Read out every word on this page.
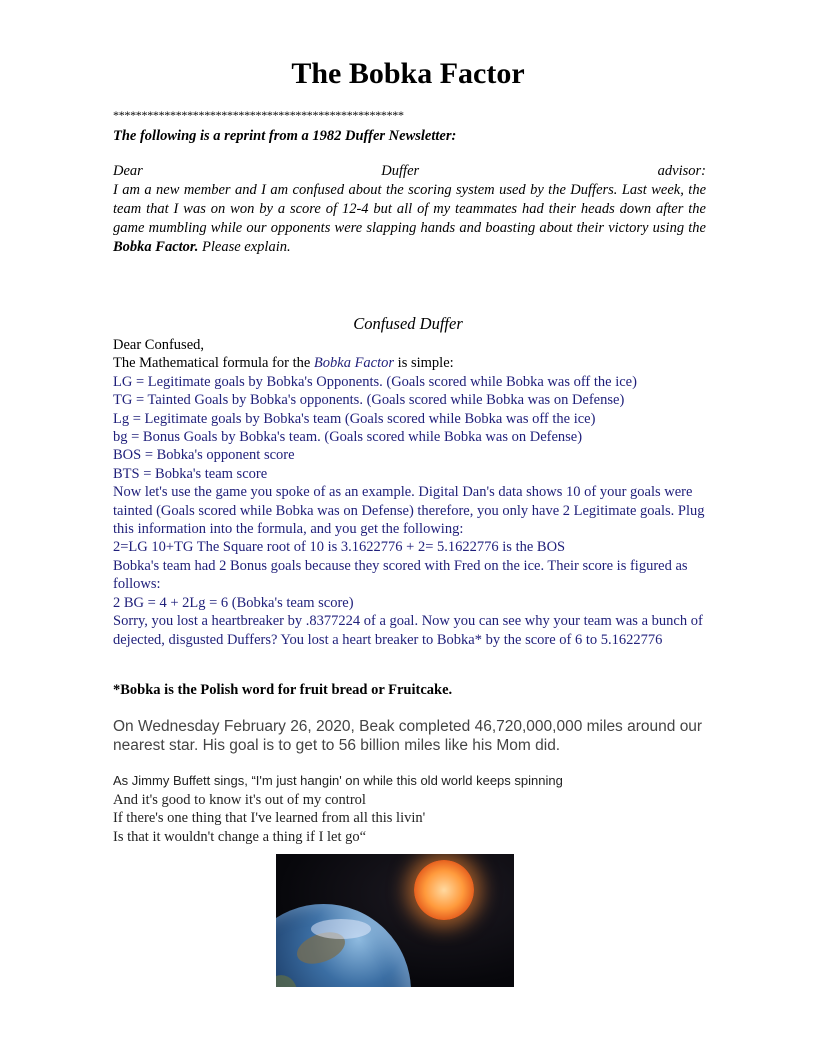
The Bobka Factor
***************************************************
The following is a reprint from a 1982 Duffer Newsletter:
Dear	Duffer	advisor:
I am a new member and I am confused about the scoring system used by the Duffers. Last week, the team that I was on won by a score of 12-4 but all of my teammates had their heads down after the game mumbling while our opponents were slapping hands and boasting about their victory using the Bobka Factor. Please explain.
Confused Duffer
Dear Confused,
The Mathematical formula for the Bobka Factor is simple:
LG = Legitimate goals by Bobka's Opponents. (Goals scored while Bobka was off the ice)
TG = Tainted Goals by Bobka's opponents. (Goals scored while Bobka was on Defense)
Lg = Legitimate goals by Bobka's team (Goals scored while Bobka was off the ice)
bg = Bonus Goals by Bobka's team. (Goals scored while Bobka was on Defense)
BOS = Bobka's opponent score
BTS = Bobka's team score
Now let's use the game you spoke of as an example. Digital Dan's data shows 10 of your goals were tainted (Goals scored while Bobka was on Defense) therefore, you only have 2 Legitimate goals. Plug this information into the formula, and you get the following:
2=LG 10+TG The Square root of 10 is 3.1622776 + 2= 5.1622776 is the BOS
Bobka's team had 2 Bonus goals because they scored with Fred on the ice. Their score is figured as follows:
2 BG = 4 + 2Lg = 6 (Bobka's team score)
Sorry, you lost a heartbreaker by .8377224 of a goal. Now you can see why your team was a bunch of dejected, disgusted Duffers? You lost a heart breaker to Bobka* by the score of 6 to 5.1622776
*Bobka is the Polish word for fruit bread or Fruitcake.
On Wednesday February 26, 2020, Beak completed 46,720,000,000 miles around our nearest star. His goal is to get to 56 billion miles like his Mom did.
As Jimmy Buffett sings, “I'm just hangin' on while this old world keeps spinning
And it's good to know it's out of my control
If there's one thing that I've learned from all this livin'
Is that it wouldn't change a thing if I let go“
